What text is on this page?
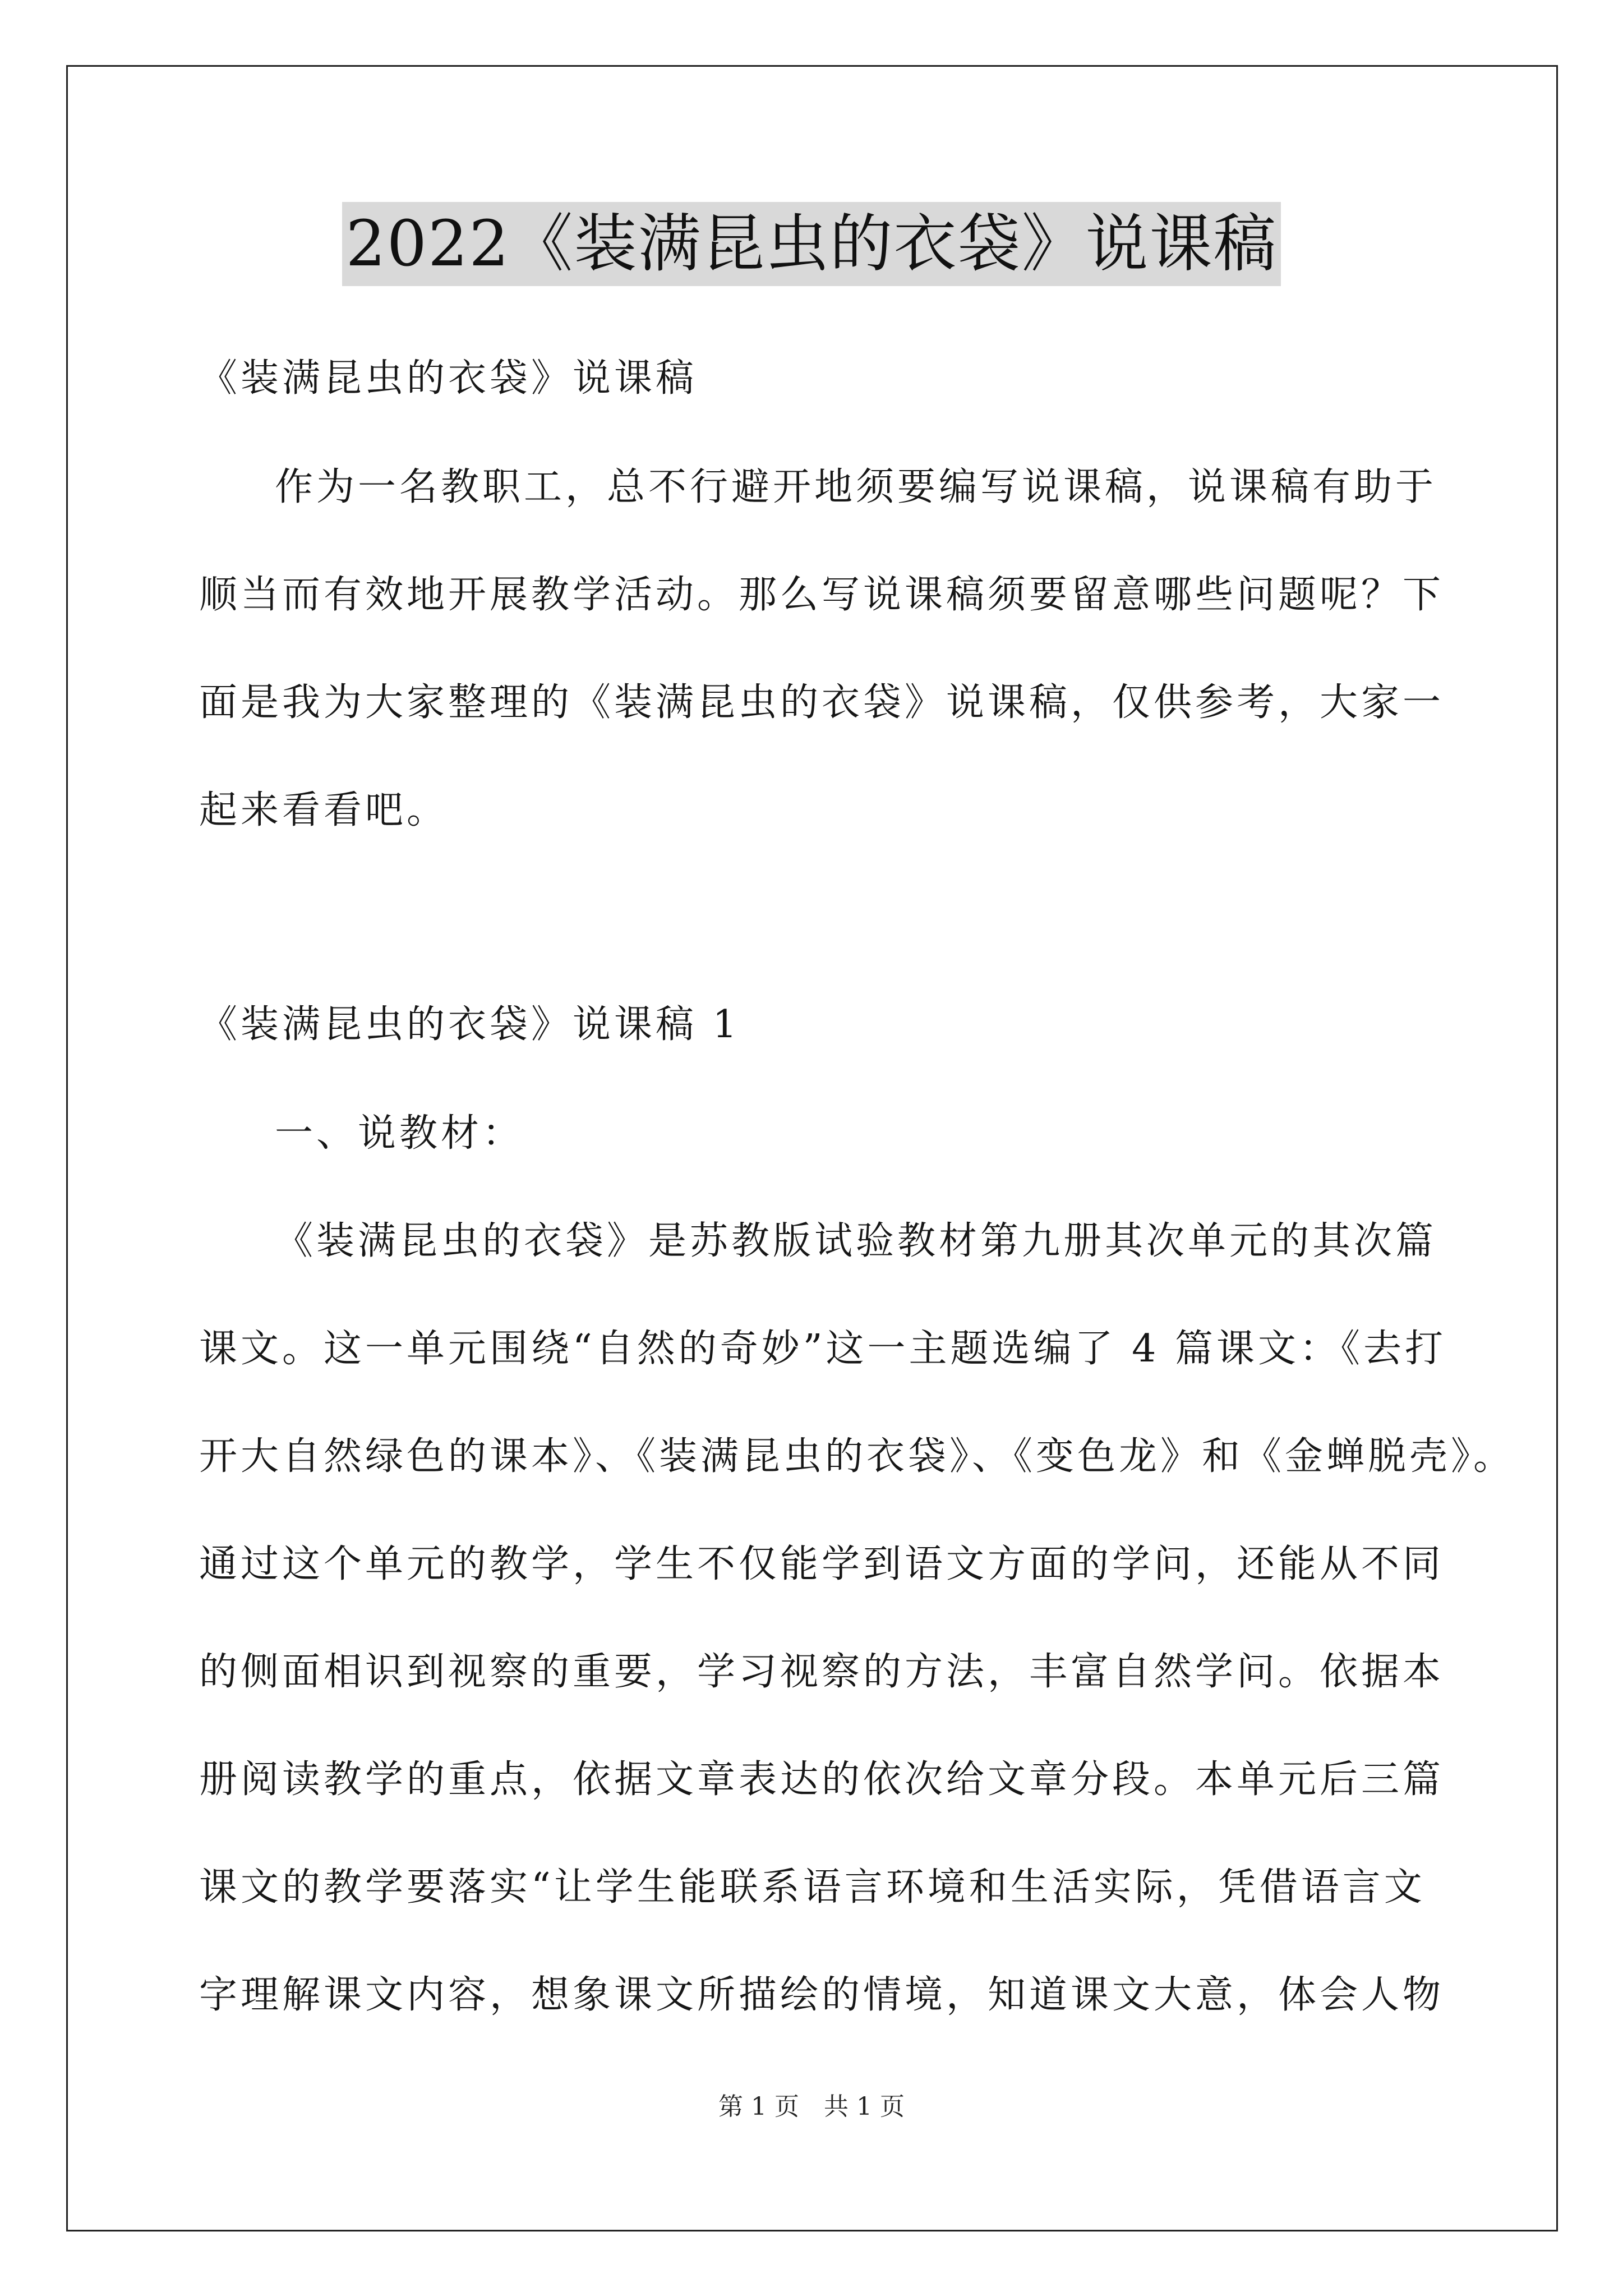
2022《装满昆虫的衣袋》说课稿
《装满昆虫的衣袋》说课稿
作为一名教职工，总不行避开地须要编写说课稿，说课稿有助于
顺当而有效地开展教学活动。那么写说课稿须要留意哪些问题呢？下
面是我为大家整理的《装满昆虫的衣袋》说课稿，仅供参考，大家一
起来看看吧。
《装满昆虫的衣袋》说课稿 1
一、说教材：
《装满昆虫的衣袋》是苏教版试验教材第九册其次单元的其次篇
课文。这一单元围绕“自然的奇妙”这一主题选编了 4 篇课文：《去打
开大自然绿色的课本》、《装满昆虫的衣袋》、《变色龙》和《金蝉脱壳》。
通过这个单元的教学，学生不仅能学到语文方面的学问，还能从不同
的侧面相识到视察的重要，学习视察的方法，丰富自然学问。依据本
册阅读教学的重点，依据文章表达的依次给文章分段。本单元后三篇
课文的教学要落实“让学生能联系语言环境和生活实际，凭借语言文
字理解课文内容，想象课文所描绘的情境，知道课文大意，体会人物
第 1 页　共 1 页
